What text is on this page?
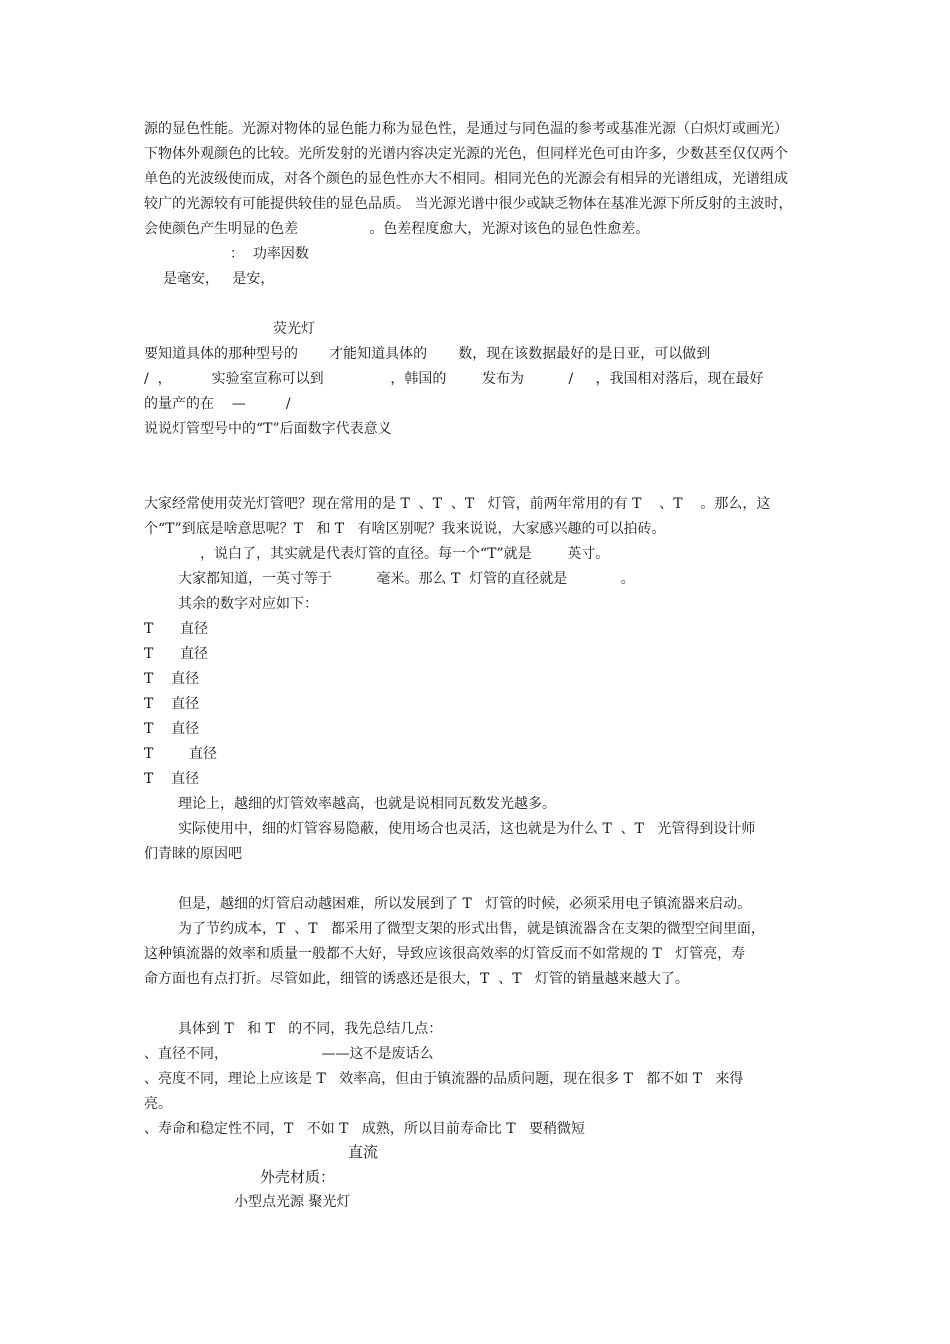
源的显色性能。光源对物体的显色能力称为显色性，是通过与同色温的参考或基准光源（白炽灯或画光）

下物体外观颜色的比较。光所发射的光谱内容决定光源的光色，但同样光色可由许多，少数甚至仅仅两个

单色的光波级使而成，对各个颜色的显色性亦大不相同。相同光色的光源会有相异的光谱组成，光谱组成

较广的光源较有可能提供较佳的显色品质。 当光源光谱中很少或缺乏物体在基准光源下所反射的主波时，

会使颜色产生明显的色差                。色差程度愈大，光源对该色的显色性愈差。

：  功率因数

是毫安，   是安，

荧光灯

要知道具体的那种型号的       才能知道具体的       数，现在该数据最好的是日亚，可以做到

/  ，         实验室宣称可以到               ，韩国的        发布为          /     ，我国相对落后，现在最好

的量产的在    —         /

说说灯管型号中的“T”后面数字代表意义

大家经常使用荧光灯管吧？现在常用的是 T  、T  、T   灯管，前两年常用的有 T    、T    。那么，这

个“T”到底是啥意思呢？T   和 T   有啥区别呢？我来说说，大家感兴趣的可以拍砖。

，说白了，其实就是代表灯管的直径。每一个“T”就是        英寸。

大家都知道，一英寸等于          毫米。那么 T  灯管的直径就是            。

其余的数字对应如下：

T      直径

T      直径

T    直径

T    直径

T    直径

T        直径

T    直径

理论上，越细的灯管效率越高，也就是说相同瓦数发光越多。

实际使用中，细的灯管容易隐蔽，使用场合也灵活，这也就是为什么 T  、T   光管得到设计师

们青睐的原因吧

但是，越细的灯管启动越困难，所以发展到了 T   灯管的时候，必须采用电子镇流器来启动。

为了节约成本，T  、T   都采用了微型支架的形式出售，就是镇流器含在支架的微型空间里面，

这种镇流器的效率和质量一般都不大好，导致应该很高效率的灯管反而不如常规的 T   灯管亮，寿

命方面也有点打折。尽管如此，细管的诱惑还是很大，T  、T   灯管的销量越来越大了。

具体到 T   和 T   的不同，我先总结几点：

、直径不同，                     ——这不是废话么

、亮度不同，理论上应该是 T   效率高，但由于镇流器的品质问题，现在很多 T   都不如 T   来得

亮。

、寿命和稳定性不同，T   不如 T   成熟，所以目前寿命比 T   要稍微短

直流

外壳材质：

小型点光源 聚光灯
